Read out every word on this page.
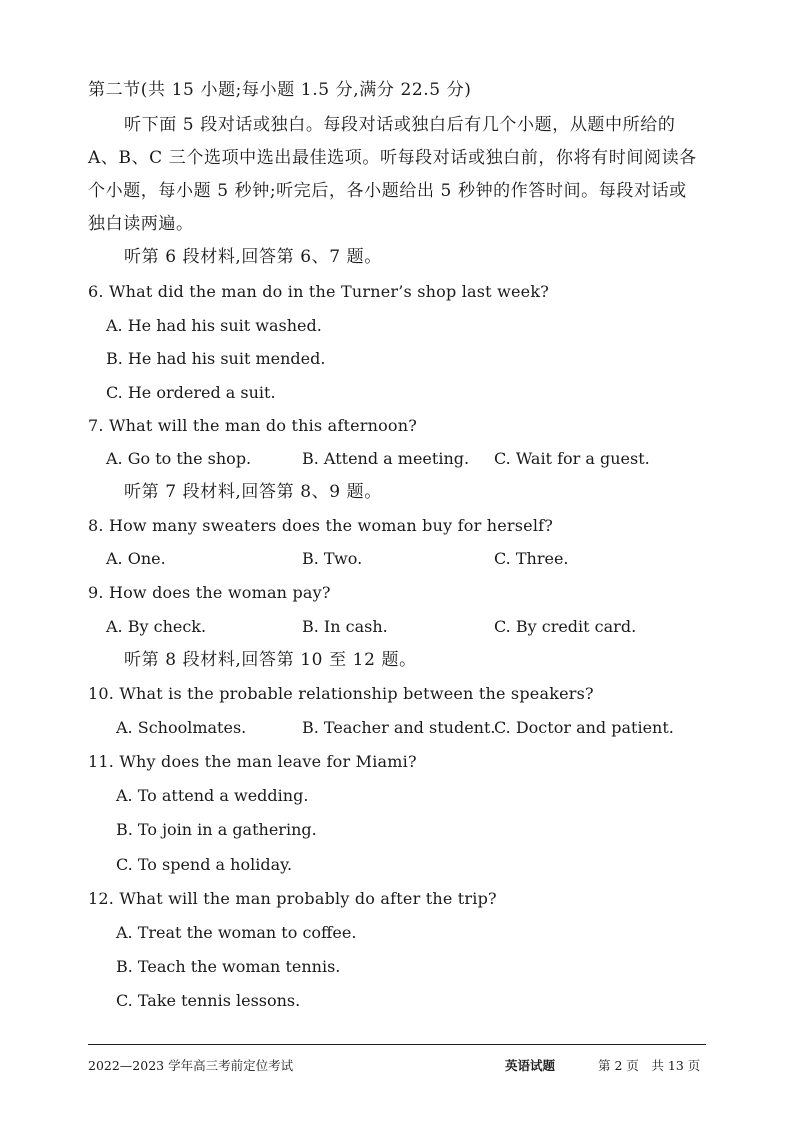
第二节(共 15 小题;每小题 1.5 分,满分 22.5 分)
听下面 5 段对话或独白。每段对话或独白后有几个小题，从题中所给的
A、B、C 三个选项中选出最佳选项。听每段对话或独白前，你将有时间阅读各
个小题，每小题 5 秒钟;听完后，各小题给出 5 秒钟的作答时间。每段对话或
独白读两遍。
听第 6 段材料,回答第 6、7 题。
6. What did the man do in the Turner’s shop last week?
A. He had his suit washed.
B. He had his suit mended.
C. He ordered a suit.
7. What will the man do this afternoon?
A. Go to the shop.	B. Attend a meeting. C. Wait for a guest.
听第 7 段材料,回答第 8、9 题。
8. How many sweaters does the woman buy for herself?
A. One.	B. Two.	C. Three.
9. How does the woman pay?
A. By check.	B. In cash.	C. By credit card.
听第 8 段材料,回答第 10 至 12 题。
10. What is the probable relationship between the speakers?
A. Schoolmates.	B. Teacher and student.
C. Doctor and patient.
11. Why does the man leave for Miami?
A. To attend a wedding.
B. To join in a gathering.
C. To spend a holiday.
12. What will the man probably do after the trip?
A. Treat the woman to coffee.
B. Teach the woman tennis.
C. Take tennis lessons.
2022—2023 学年高三考前定位考试	英语试题	第 2 页　共 13 页
